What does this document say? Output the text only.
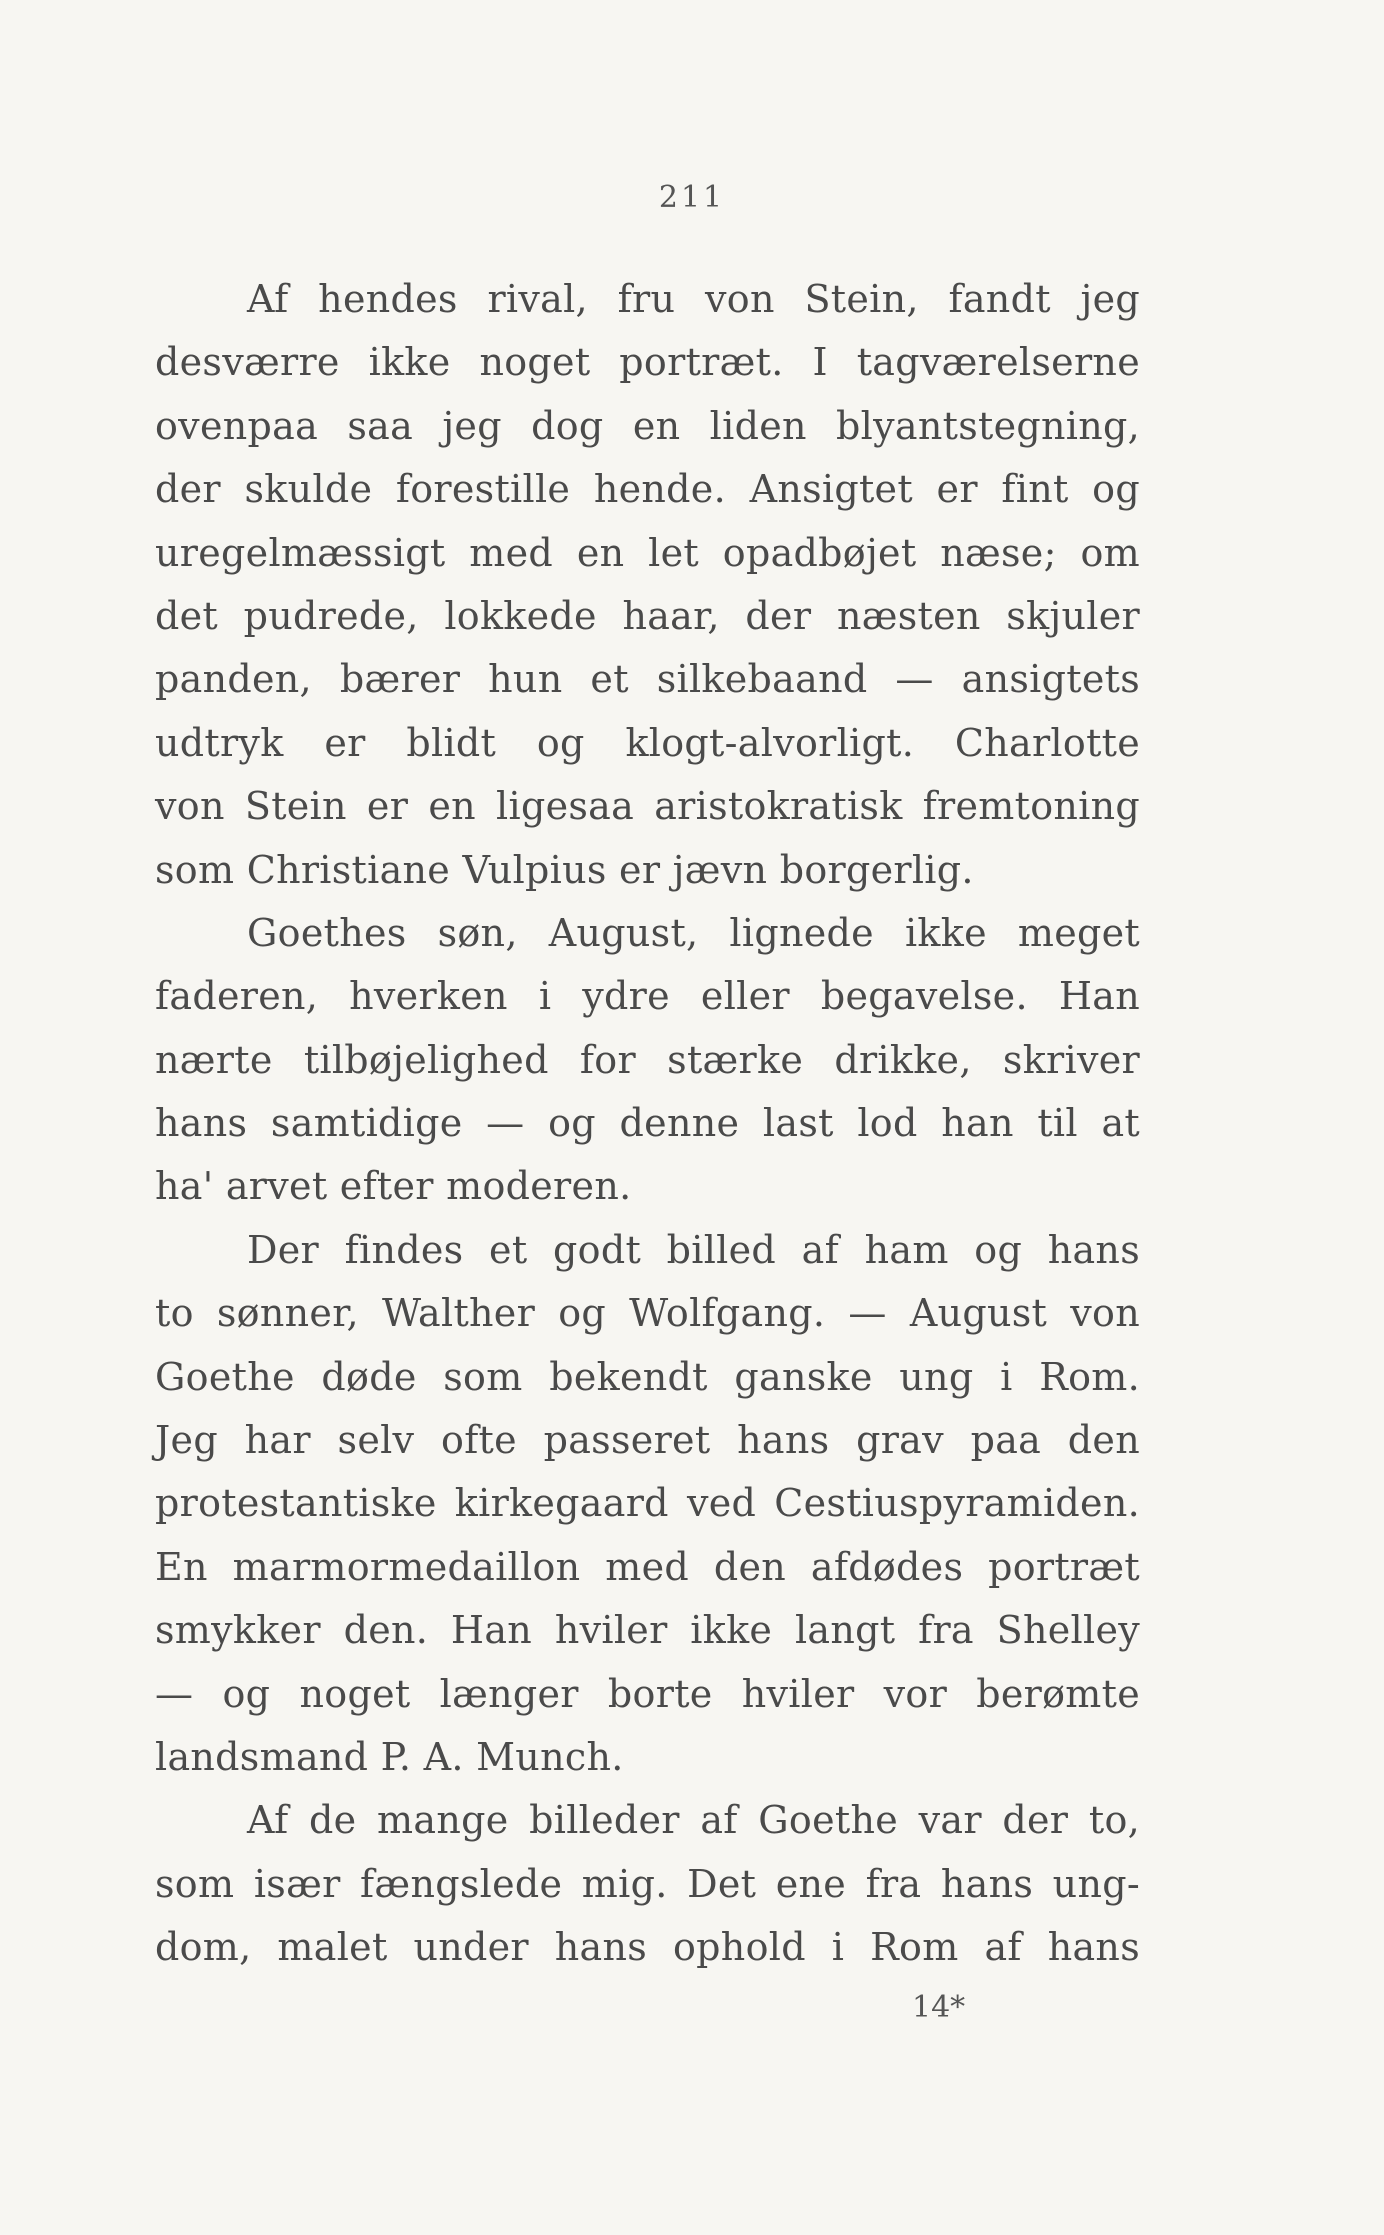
211
Af hendes rival, fru von Stein, fandt jeg
desværre ikke noget portræt. I tagværelserne
ovenpaa saa jeg dog en liden blyantstegning,
der skulde forestille hende. Ansigtet er fint og
uregelmæssigt med en let opadbøjet næse; om
det pudrede, lokkede haar, der næsten skjuler
panden, bærer hun et silkebaand — ansigtets
udtryk er blidt og klogt-alvorligt. Charlotte
von Stein er en ligesaa aristokratisk fremtoning
som Christiane Vulpius er jævn borgerlig.
Goethes søn, August, lignede ikke meget
faderen, hverken i ydre eller begavelse. Han
nærte tilbøjelighed for stærke drikke, skriver
hans samtidige — og denne last lod han til at
ha' arvet efter moderen.
Der findes et godt billed af ham og hans
to sønner, Walther og Wolfgang. — August von
Goethe døde som bekendt ganske ung i Rom.
Jeg har selv ofte passeret hans grav paa den
protestantiske kirkegaard ved Cestiuspyramiden.
En marmormedaillon med den afdødes portræt
smykker den. Han hviler ikke langt fra Shelley
— og noget længer borte hviler vor berømte
landsmand P. A. Munch.
Af de mange billeder af Goethe var der to,
som især fængslede mig. Det ene fra hans ung-
dom, malet under hans ophold i Rom af hans
14*
